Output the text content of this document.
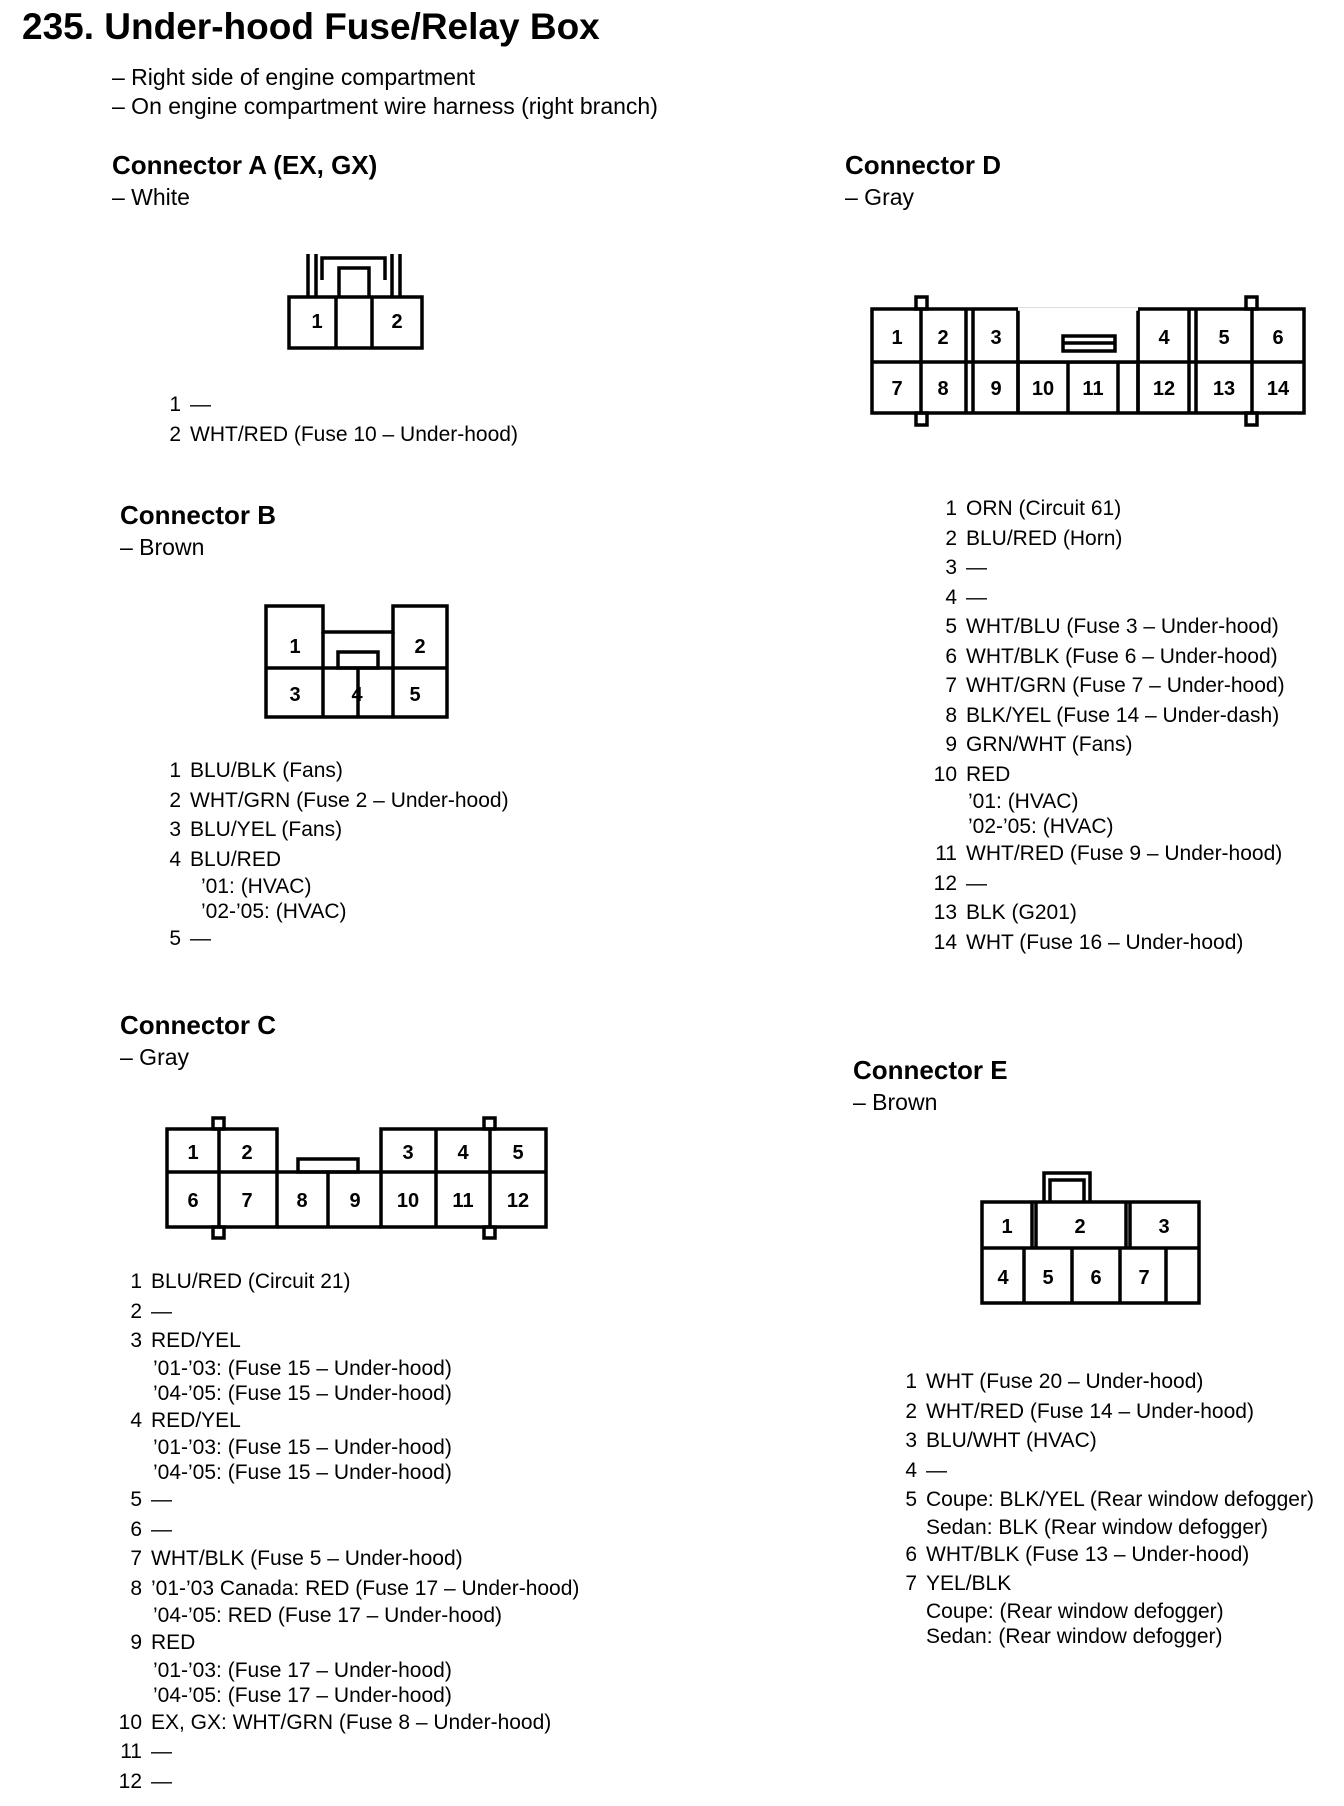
235. Under-hood Fuse/Relay Box
– Right side of engine compartment
– On engine compartment wire harness (right branch)
Connector A (EX, GX)
– White
1	2
1 —
2 WHT/RED (Fuse 10 – Under-hood)
Connector B
– Brown
1	2
3	4 5
1 BLU/BLK (Fans)
2 WHT/GRN (Fuse 2 – Under-hood)
3 BLU/YEL (Fans)
4 BLU/RED
’01: (HVAC)
’02-’05: (HVAC)
5 —
Connector C
– Gray
1 2	3 4 5
6 7 8 9 10 11 12
1 BLU/RED (Circuit 21)
2 —
3 RED/YEL
’01-’03: (Fuse 15 – Under-hood)
’04-’05: (Fuse 15 – Under-hood)
4 RED/YEL
’01-’03: (Fuse 15 – Under-hood)
’04-’05: (Fuse 15 – Under-hood)
5 —
6 —
7 WHT/BLK (Fuse 5 – Under-hood)
8 ’01-’03 Canada: RED (Fuse 17 – Under-hood)
’04-’05: RED (Fuse 17 – Under-hood)
9 RED
’01-’03: (Fuse 17 – Under-hood)
’04-’05: (Fuse 17 – Under-hood)
10 EX, GX: WHT/GRN (Fuse 8 – Under-hood)
11 —
12 —
Connector D
– Gray
1 2 3	4 5 6
7 8 9 10 11 12 13 14
1 ORN (Circuit 61)
2 BLU/RED (Horn)
3 —
4 —
5 WHT/BLU (Fuse 3 – Under-hood)
6 WHT/BLK (Fuse 6 – Under-hood)
7 WHT/GRN (Fuse 7 – Under-hood)
8 BLK/YEL (Fuse 14 – Under-dash)
9 GRN/WHT (Fans)
10 RED
’01: (HVAC)
’02-’05: (HVAC)
11 WHT/RED (Fuse 9 – Under-hood)
12 —
13 BLK (G201)
14 WHT (Fuse 16 – Under-hood)
Connector E
– Brown
1	2	3
4 5 6 7
1 WHT (Fuse 20 – Under-hood)
2 WHT/RED (Fuse 14 – Under-hood)
3 BLU/WHT (HVAC)
4 —
5 Coupe: BLK/YEL (Rear window defogger)
Sedan: BLK (Rear window defogger)
6 WHT/BLK (Fuse 13 – Under-hood)
7 YEL/BLK
Coupe: (Rear window defogger)
Sedan: (Rear window defogger)
